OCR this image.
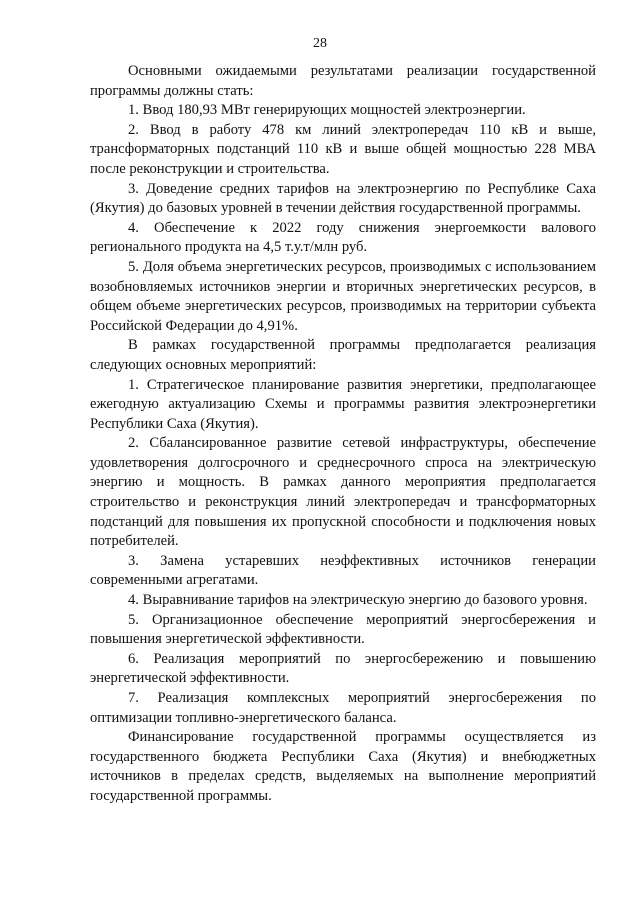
28

Основными ожидаемыми результатами реализации государственной программы должны стать:

1. Ввод 180,93 МВт генерирующих мощностей электроэнергии.

2. Ввод в работу 478 км линий электропередач 110 кВ и выше, трансформаторных подстанций 110 кВ и выше общей мощностью 228 МВА после реконструкции и строительства.

3. Доведение средних тарифов на электроэнергию по Республике Саха (Якутия) до базовых уровней в течении действия государственной программы.

4. Обеспечение к 2022 году снижения энергоемкости валового регионального продукта на 4,5 т.у.т/млн руб.

5. Доля объема энергетических ресурсов, производимых с использованием возобновляемых источников энергии и вторичных энергетических ресурсов, в общем объеме энергетических ресурсов, производимых на территории субъекта Российской Федерации до 4,91%.

В рамках государственной программы предполагается реализация следующих основных мероприятий:

1. Стратегическое планирование развития энергетики, предполагающее ежегодную актуализацию Схемы и программы развития электроэнергетики Республики Саха (Якутия).

2. Сбалансированное развитие сетевой инфраструктуры, обеспечение удовлетворения долгосрочного и среднесрочного спроса на электрическую энергию и мощность. В рамках данного мероприятия предполагается строительство и реконструкция линий электропередач и трансформаторных подстанций для повышения их пропускной способности и подключения новых потребителей.

3. Замена устаревших неэффективных источников генерации современными агрегатами.

4. Выравнивание тарифов на электрическую энергию до базового уровня.

5. Организационное обеспечение мероприятий энергосбережения и повышения энергетической эффективности.

6. Реализация мероприятий по энергосбережению и повышению энергетической эффективности.

7. Реализация комплексных мероприятий энергосбережения по оптимизации топливно-энергетического баланса.

Финансирование государственной программы осуществляется из государственного бюджета Республики Саха (Якутия) и внебюджетных источников в пределах средств, выделяемых на выполнение мероприятий государственной программы.
